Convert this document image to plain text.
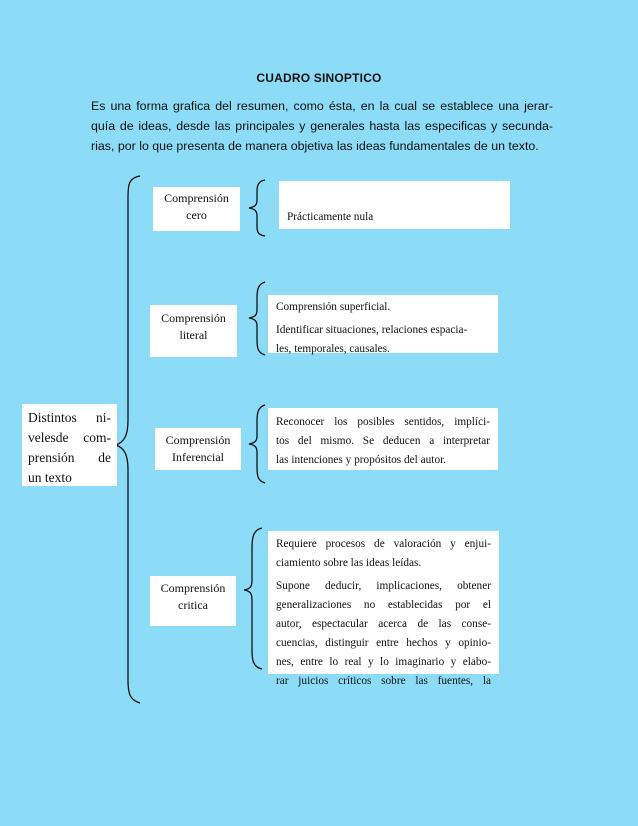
CUADRO SINOPTICO
Es una forma grafica del resumen, como ésta, en la cual se establece una jerar-
quía de ideas, desde las principales y generales hasta las especificas y secunda-
rias, por lo que presenta de manera objetiva las ideas fundamentales de un texto.
Distintos ni-
velesde com-
prensión de
un texto
Comprensión
cero
Comprensión
literal
Comprensión
Inferencial
Comprensión
critica
Prácticamente nula
Comprensión superficial.
Identificar situaciones, relaciones espacia-
les, temporales, causales.
Reconocer los posibles sentidos, implíci-
tos del mismo. Se deducen a interpretar
las intenciones y propósitos del autor.
Requiere procesos de valoración y enjui-
ciamiento sobre las ideas leídas.
Supone deducir, implicaciones, obtener
generalizaciones no establecidas por el
autor, espectacular acerca de las conse-
cuencias, distinguir entre hechos y opinio-
nes, entre lo real y lo imaginario y elabo-
rar juicios críticos sobre las fuentes, la
